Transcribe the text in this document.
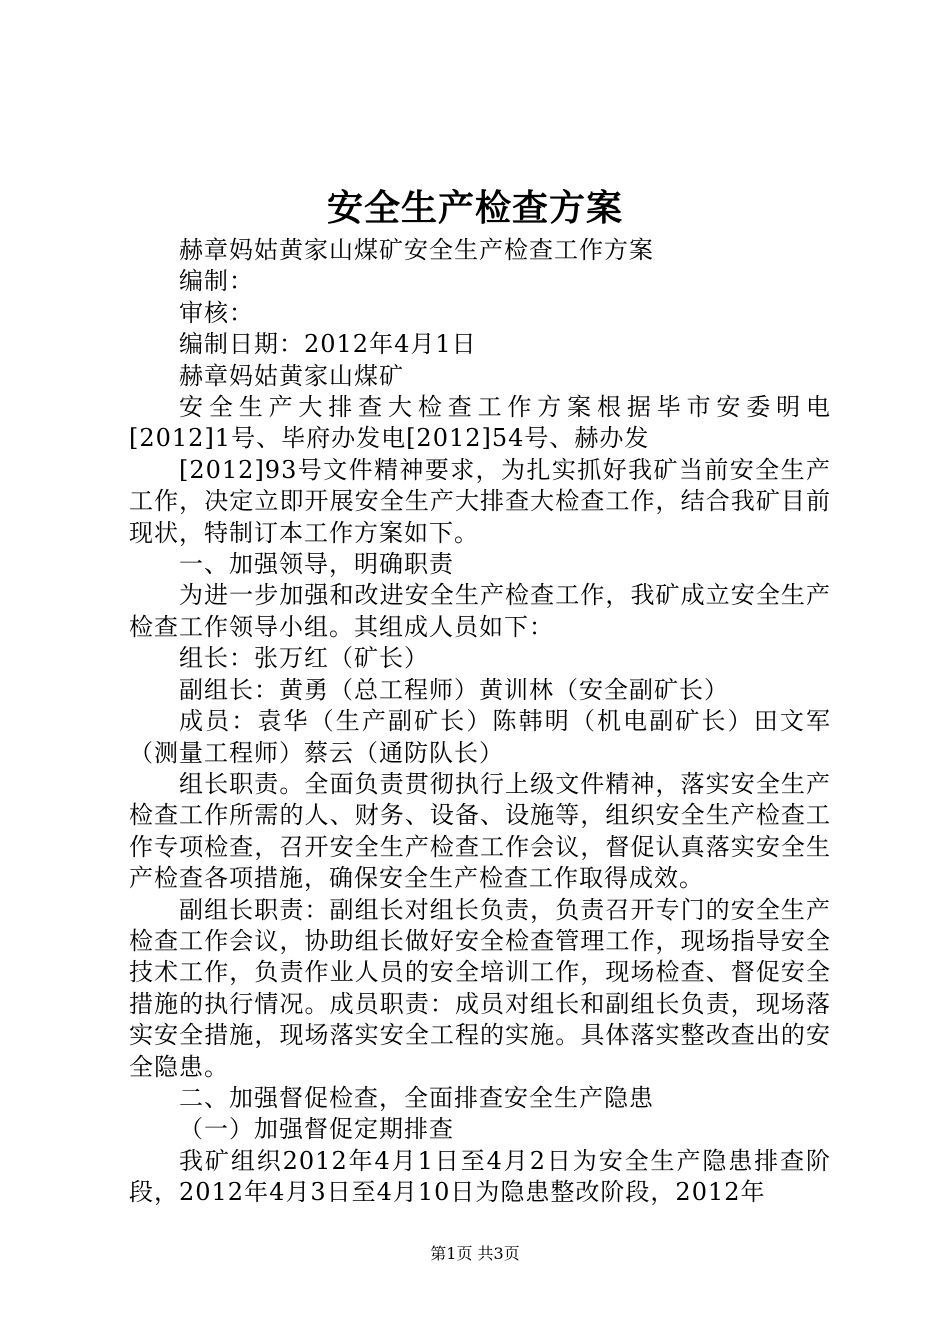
安全生产检查方案

赫章妈姑黄家山煤矿安全生产检查工作方案

编制：

审核：

编制日期：2012年4月1日

赫章妈姑黄家山煤矿

安全生产大排查大检查工作方案根据毕市安委明电[2012]1号、毕府办发电[2012]54号、赫办发

[2012]93号文件精神要求，为扎实抓好我矿当前安全生产工作，决定立即开展安全生产大排查大检查工作，结合我矿目前现状，特制订本工作方案如下。

一、加强领导，明确职责

为进一步加强和改进安全生产检查工作，我矿成立安全生产检查工作领导小组。其组成人员如下：

组长：张万红（矿长）

副组长：黄勇（总工程师）黄训林（安全副矿长）

成员：袁华（生产副矿长）陈韩明（机电副矿长）田文军（测量工程师）蔡云（通防队长）

组长职责。全面负责贯彻执行上级文件精神，落实安全生产检查工作所需的人、财务、设备、设施等，组织安全生产检查工作专项检查，召开安全生产检查工作会议，督促认真落实安全生产检查各项措施，确保安全生产检查工作取得成效。

副组长职责：副组长对组长负责，负责召开专门的安全生产检查工作会议，协助组长做好安全检查管理工作，现场指导安全技术工作，负责作业人员的安全培训工作，现场检查、督促安全措施的执行情况。成员职责：成员对组长和副组长负责，现场落实安全措施，现场落实安全工程的实施。具体落实整改查出的安全隐患。

二、加强督促检查，全面排查安全生产隐患

（一）加强督促定期排查

我矿组织2012年4月1日至4月2日为安全生产隐患排查阶段，2012年4月3日至4月10日为隐患整改阶段，2012年

第1页 共3页
